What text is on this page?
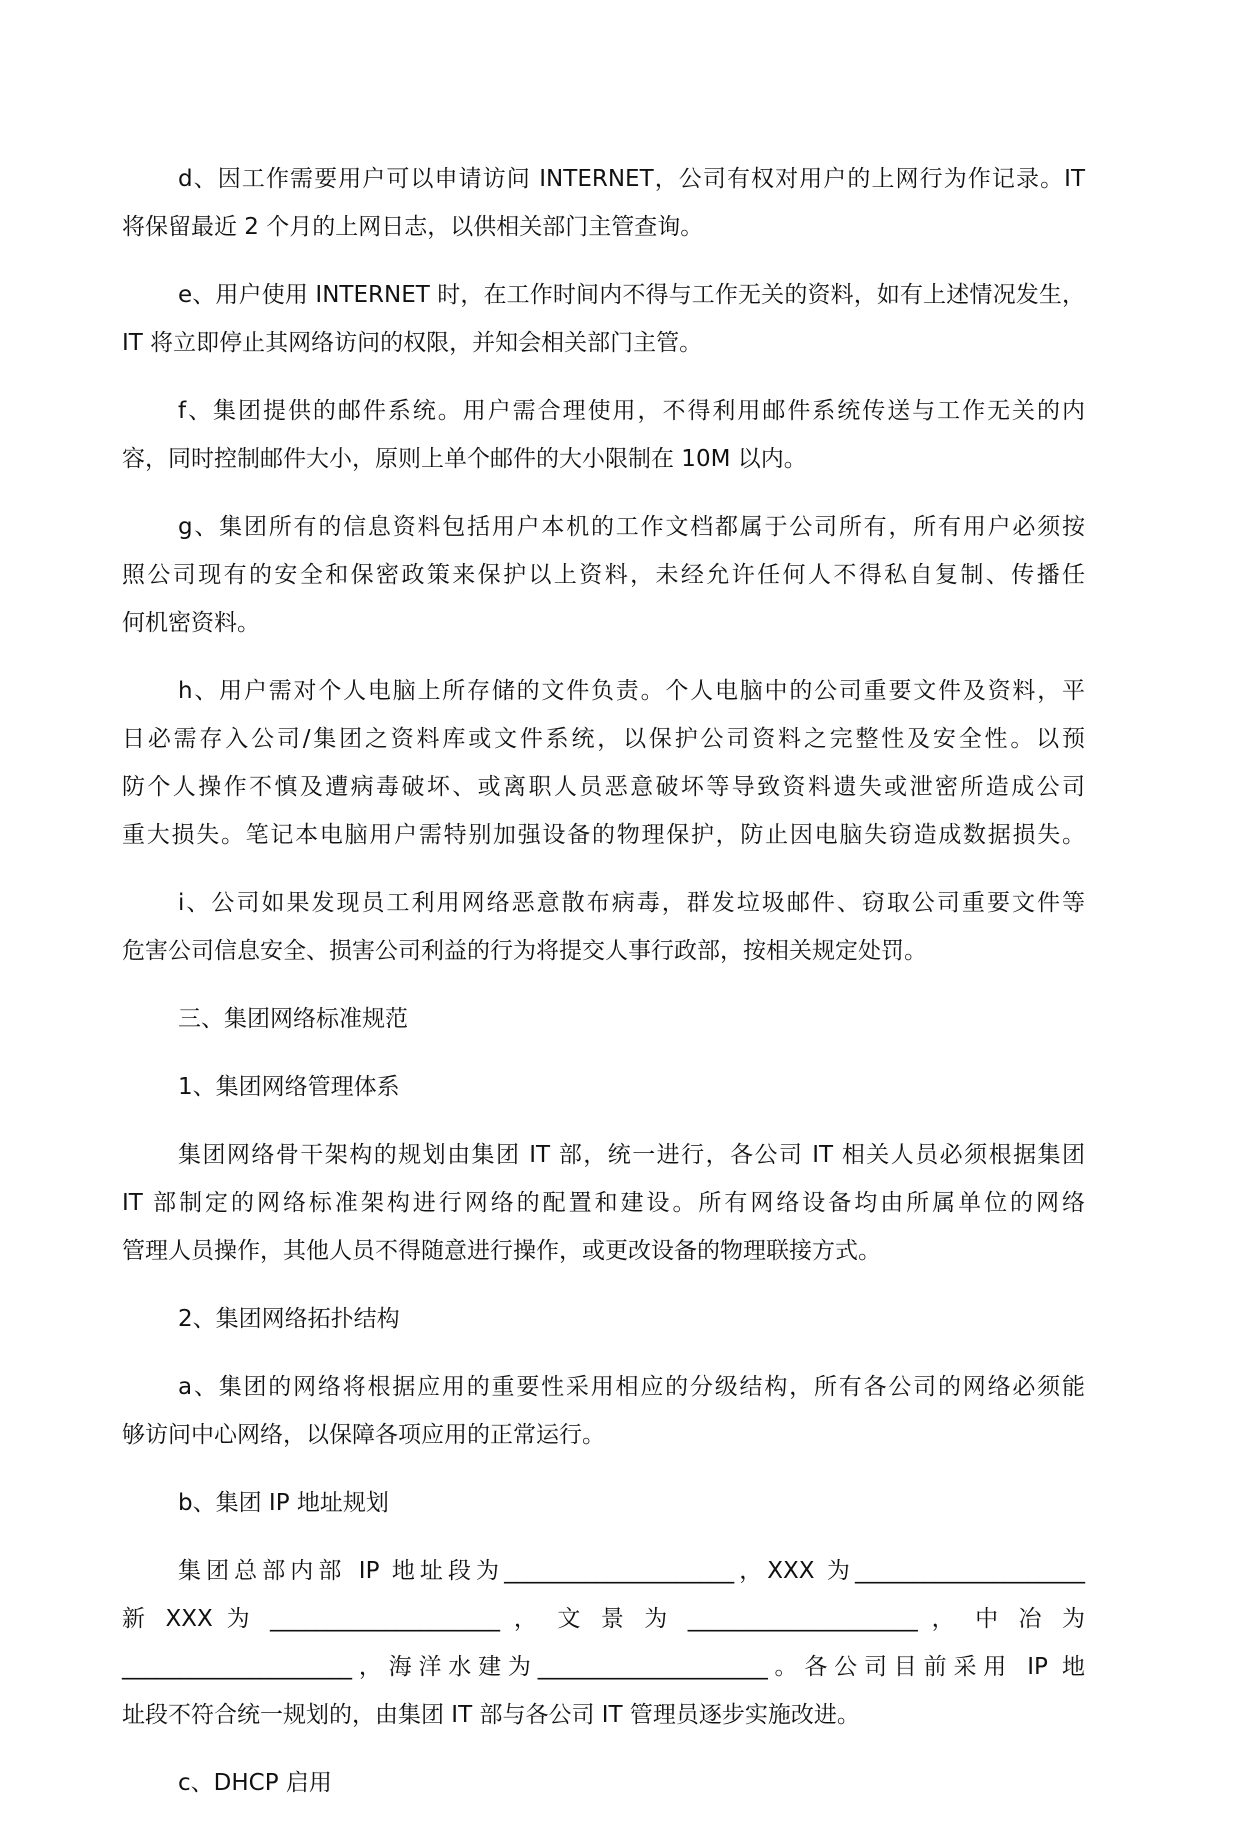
d、因工作需要用户可以申请访问 INTERNET，公司有权对用户的上网行为作记录。IT
将保留最近 2 个月的上网日志，以供相关部门主管查询。

e、用户使用 INTERNET 时，在工作时间内不得与工作无关的资料，如有上述情况发生，
IT 将立即停止其网络访问的权限，并知会相关部门主管。

f、集团提供的邮件系统。用户需合理使用，不得利用邮件系统传送与工作无关的内
容，同时控制邮件大小，原则上单个邮件的大小限制在 10M 以内。

g、集团所有的信息资料包括用户本机的工作文档都属于公司所有，所有用户必须按
照公司现有的安全和保密政策来保护以上资料，未经允许任何人不得私自复制、传播任
何机密资料。

h、用户需对个人电脑上所存储的文件负责。个人电脑中的公司重要文件及资料，平
日必需存入公司/集团之资料库或文件系统，以保护公司资料之完整性及安全性。以预
防个人操作不慎及遭病毒破坏、或离职人员恶意破坏等导致资料遗失或泄密所造成公司
重大损失。笔记本电脑用户需特别加强设备的物理保护，防止因电脑失窃造成数据损失。

i、公司如果发现员工利用网络恶意散布病毒，群发垃圾邮件、窃取公司重要文件等
危害公司信息安全、损害公司利益的行为将提交人事行政部，按相关规定处罚。

三、集团网络标准规范

1、集团网络管理体系

集团网络骨干架构的规划由集团 IT 部，统一进行，各公司 IT 相关人员必须根据集团
IT 部制定的网络标准架构进行网络的配置和建设。所有网络设备均由所属单位的网络
管理人员操作，其他人员不得随意进行操作，或更改设备的物理联接方式。

2、集团网络拓扑结构

a、集团的网络将根据应用的重要性采用相应的分级结构，所有各公司的网络必须能
够访问中心网络，以保障各项应用的正常运行。

b、集团 IP 地址规划

集团总部内部 IP 地址段为____________________，XXX 为____________________
新 XXX 为 ____________________ ， 文 景 为 ____________________ ， 中 冶 为
____________________，海洋水建为____________________。各公司目前采用 IP 地
址段不符合统一规划的，由集团 IT 部与各公司 IT 管理员逐步实施改进。

c、DHCP 启用
